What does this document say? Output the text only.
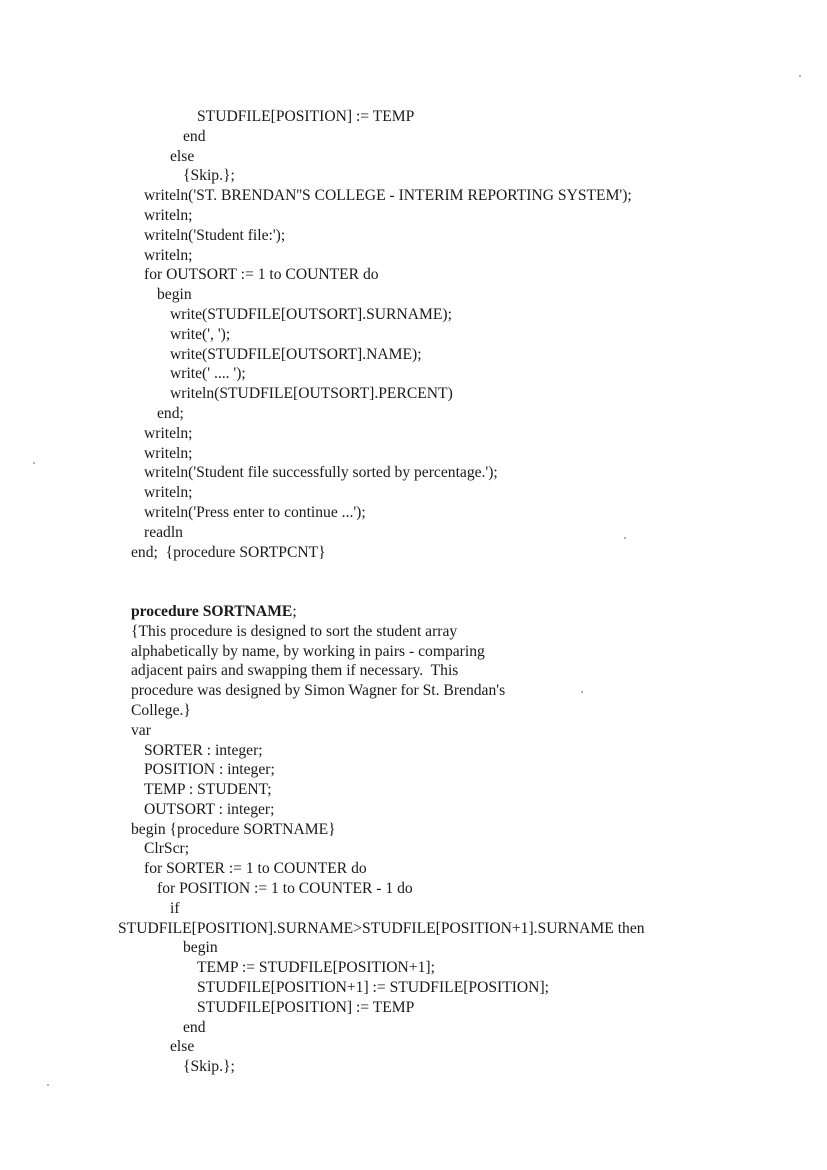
STUDFILE[POSITION] := TEMP
end
else
{Skip.};
writeln('ST. BRENDAN''S COLLEGE - INTERIM REPORTING SYSTEM');
writeln;
writeln('Student file:');
writeln;
for OUTSORT := 1 to COUNTER do
begin
write(STUDFILE[OUTSORT].SURNAME);
write(', ');
write(STUDFILE[OUTSORT].NAME);
write(' .... ');
writeln(STUDFILE[OUTSORT].PERCENT)
end;
writeln;
writeln;
writeln('Student file successfully sorted by percentage.');
writeln;
writeln('Press enter to continue ...');
readln
end;  {procedure SORTPCNT}
procedure SORTNAME;
{This procedure is designed to sort the student array
alphabetically by name, by working in pairs - comparing
adjacent pairs and swapping them if necessary.  This
procedure was designed by Simon Wagner for St. Brendan's
College.}
var
SORTER : integer;
POSITION : integer;
TEMP : STUDENT;
OUTSORT : integer;
begin {procedure SORTNAME}
ClrScr;
for SORTER := 1 to COUNTER do
for POSITION := 1 to COUNTER - 1 do
if
STUDFILE[POSITION].SURNAME>STUDFILE[POSITION+1].SURNAME then
begin
TEMP := STUDFILE[POSITION+1];
STUDFILE[POSITION+1] := STUDFILE[POSITION];
STUDFILE[POSITION] := TEMP
end
else
{Skip.};
